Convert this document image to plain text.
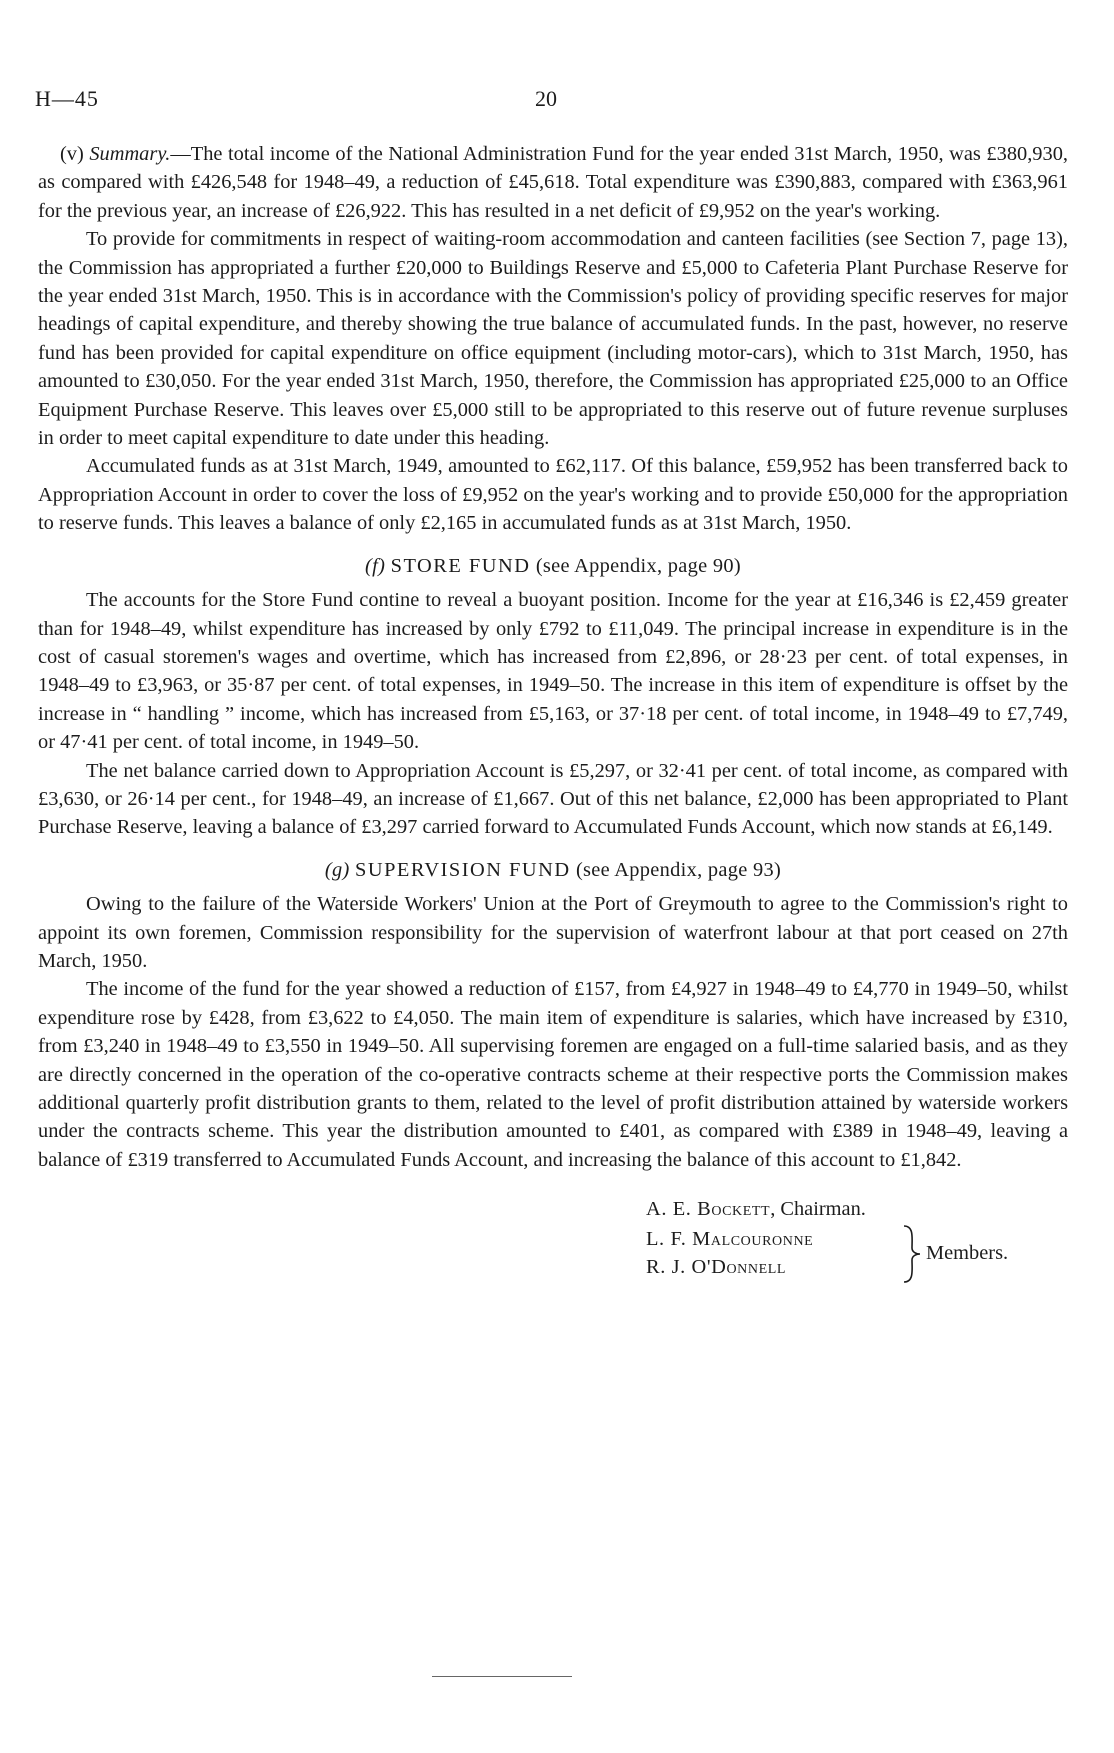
H—45	20

(v) Summary.—The total income of the National Administration Fund for the year ended 31st March, 1950, was £380,930, as compared with £426,548 for 1948–49, a reduction of £45,618. Total expenditure was £390,883, compared with £363,961 for the previous year, an increase of £26,922. This has resulted in a net deficit of £9,952 on the year's working.

To provide for commitments in respect of waiting-room accommodation and canteen facilities (see Section 7, page 13), the Commission has appropriated a further £20,000 to Buildings Reserve and £5,000 to Cafeteria Plant Purchase Reserve for the year ended 31st March, 1950. This is in accordance with the Commission's policy of providing specific reserves for major headings of capital expenditure, and thereby showing the true balance of accumulated funds. In the past, however, no reserve fund has been provided for capital expenditure on office equipment (including motor-cars), which to 31st March, 1950, has amounted to £30,050. For the year ended 31st March, 1950, therefore, the Commission has appropriated £25,000 to an Office Equipment Purchase Reserve. This leaves over £5,000 still to be appropriated to this reserve out of future revenue surpluses in order to meet capital expenditure to date under this heading.

Accumulated funds as at 31st March, 1949, amounted to £62,117. Of this balance, £59,952 has been transferred back to Appropriation Account in order to cover the loss of £9,952 on the year's working and to provide £50,000 for the appropriation to reserve funds. This leaves a balance of only £2,165 in accumulated funds as at 31st March, 1950.

(f) STORE FUND (see Appendix, page 90)

The accounts for the Store Fund contine to reveal a buoyant position. Income for the year at £16,346 is £2,459 greater than for 1948–49, whilst expenditure has increased by only £792 to £11,049. The principal increase in expenditure is in the cost of casual storemen's wages and overtime, which has increased from £2,896, or 28·23 per cent. of total expenses, in 1948–49 to £3,963, or 35·87 per cent. of total expenses, in 1949–50. The increase in this item of expenditure is offset by the increase in “ handling ” income, which has increased from £5,163, or 37·18 per cent. of total income, in 1948–49 to £7,749, or 47·41 per cent. of total income, in 1949–50.

The net balance carried down to Appropriation Account is £5,297, or 32·41 per cent. of total income, as compared with £3,630, or 26·14 per cent., for 1948–49, an increase of £1,667. Out of this net balance, £2,000 has been appropriated to Plant Purchase Reserve, leaving a balance of £3,297 carried forward to Accumulated Funds Account, which now stands at £6,149.

(g) SUPERVISION FUND (see Appendix, page 93)

Owing to the failure of the Waterside Workers' Union at the Port of Greymouth to agree to the Commission's right to appoint its own foremen, Commission responsibility for the supervision of waterfront labour at that port ceased on 27th March, 1950.

The income of the fund for the year showed a reduction of £157, from £4,927 in 1948–49 to £4,770 in 1949–50, whilst expenditure rose by £428, from £3,622 to £4,050. The main item of expenditure is salaries, which have increased by £310, from £3,240 in 1948–49 to £3,550 in 1949–50. All supervising foremen are engaged on a full-time salaried basis, and as they are directly concerned in the operation of the co-operative contracts scheme at their respective ports the Commission makes additional quarterly profit distribution grants to them, related to the level of profit distribution attained by waterside workers under the contracts scheme. This year the distribution amounted to £401, as compared with £389 in 1948–49, leaving a balance of £319 transferred to Accumulated Funds Account, and increasing the balance of this account to £1,842.

A. E. Bockett, Chairman.
L. F. Malcouronne
R. J. O'Donnell
Members.
